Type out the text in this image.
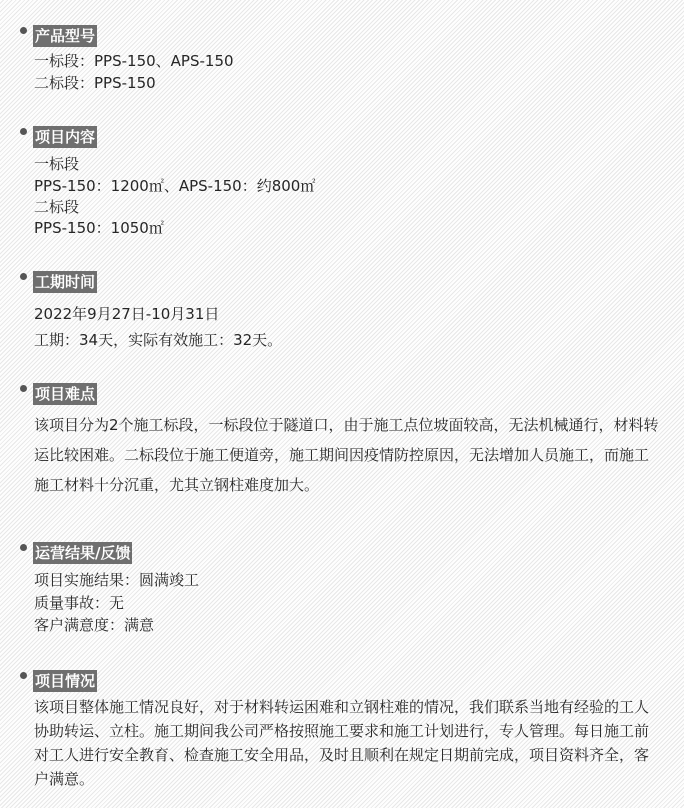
产品型号
一标段：PPS-150、APS-150
二标段：PPS-150
项目内容
一标段
PPS-150：1200㎡、APS-150：约800㎡
二标段
PPS-150：1050㎡
工期时间
2022年9月27日-10月31日
工期：34天，实际有效施工：32天。
项目难点
该项目分为2个施工标段，一标段位于隧道口，由于施工点位坡面较高，无法机械通行，材料转运比较困难。二标段位于施工便道旁，施工期间因疫情防控原因，无法增加人员施工，而施工施工材料十分沉重，尤其立钢柱难度加大。
运营结果/反馈
项目实施结果：圆满竣工
质量事故：无
客户满意度：满意
项目情况
该项目整体施工情况良好，对于材料转运困难和立钢柱难的情况，我们联系当地有经验的工人协助转运、立柱。施工期间我公司严格按照施工要求和施工计划进行，专人管理。每日施工前对工人进行安全教育、检查施工安全用品，及时且顺利在规定日期前完成，项目资料齐全，客户满意。
